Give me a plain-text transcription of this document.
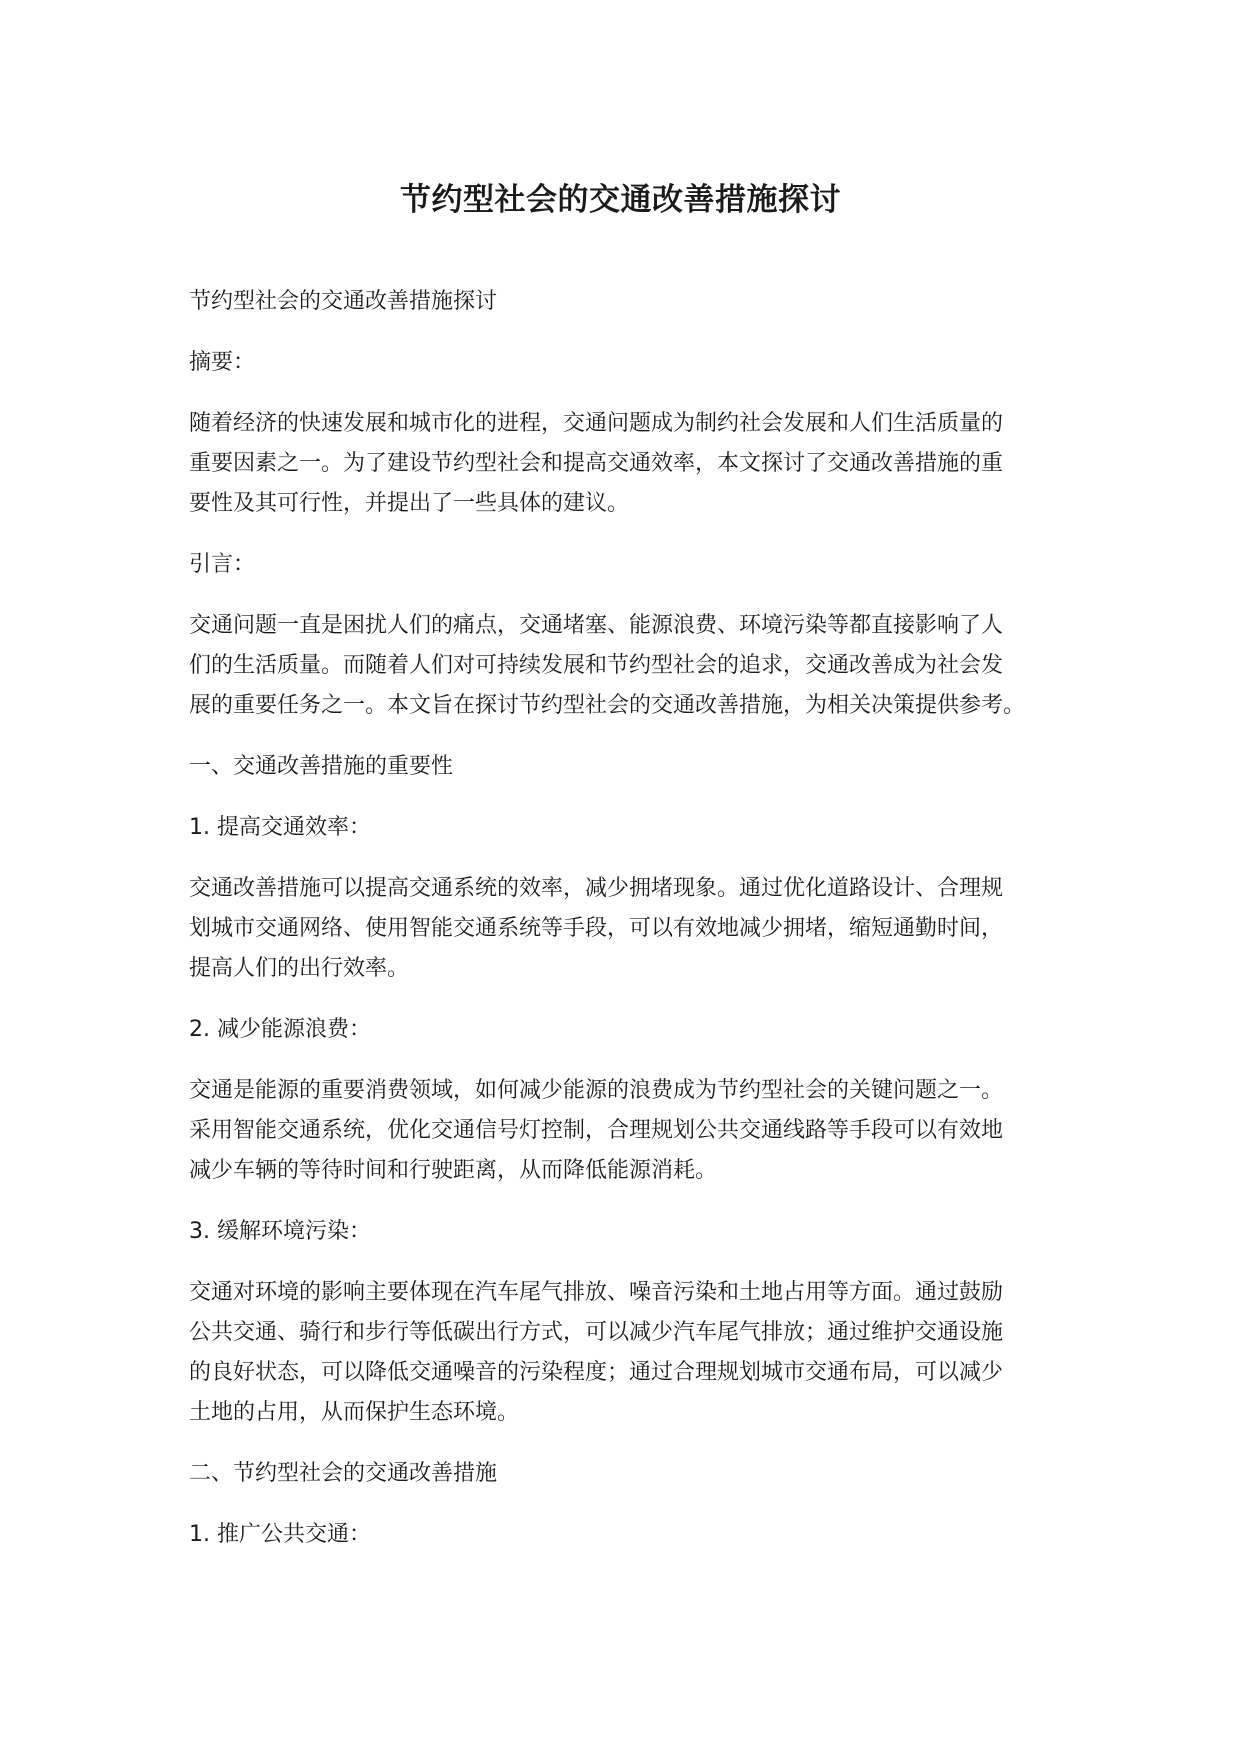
节约型社会的交通改善措施探讨
节约型社会的交通改善措施探讨
摘要：
随着经济的快速发展和城市化的进程，交通问题成为制约社会发展和人们生活质量的
重要因素之一。为了建设节约型社会和提高交通效率，本文探讨了交通改善措施的重
要性及其可行性，并提出了一些具体的建议。
引言：
交通问题一直是困扰人们的痛点，交通堵塞、能源浪费、环境污染等都直接影响了人
们的生活质量。而随着人们对可持续发展和节约型社会的追求，交通改善成为社会发
展的重要任务之一。本文旨在探讨节约型社会的交通改善措施，为相关决策提供参考。
一、交通改善措施的重要性
1. 提高交通效率：
交通改善措施可以提高交通系统的效率，减少拥堵现象。通过优化道路设计、合理规
划城市交通网络、使用智能交通系统等手段，可以有效地减少拥堵，缩短通勤时间，
提高人们的出行效率。
2. 减少能源浪费：
交通是能源的重要消费领域，如何减少能源的浪费成为节约型社会的关键问题之一。
采用智能交通系统，优化交通信号灯控制，合理规划公共交通线路等手段可以有效地
减少车辆的等待时间和行驶距离，从而降低能源消耗。
3. 缓解环境污染：
交通对环境的影响主要体现在汽车尾气排放、噪音污染和土地占用等方面。通过鼓励
公共交通、骑行和步行等低碳出行方式，可以减少汽车尾气排放；通过维护交通设施
的良好状态，可以降低交通噪音的污染程度；通过合理规划城市交通布局，可以减少
土地的占用，从而保护生态环境。
二、节约型社会的交通改善措施
1. 推广公共交通：
